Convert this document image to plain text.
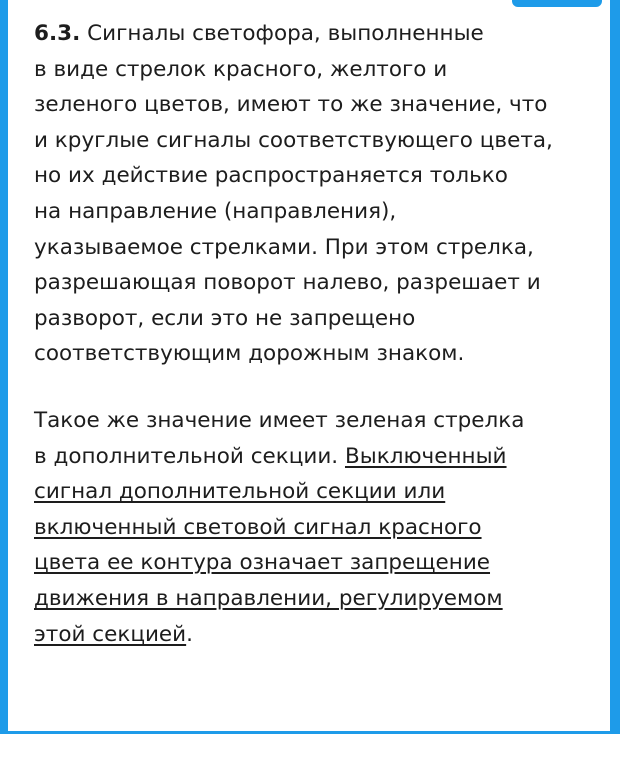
6.3. Сигналы светофора, выполненные
в виде стрелок красного, желтого и
зеленого цветов, имеют то же значение, что
и круглые сигналы соответствующего цвета,
но их действие распространяется только
на направление (направления),
указываемое стрелками. При этом стрелка,
разрешающая поворот налево, разрешает и
разворот, если это не запрещено
соответствующим дорожным знаком.

Такое же значение имеет зеленая стрелка
в дополнительной секции. Выключенный
сигнал дополнительной секции или
включенный световой сигнал красного
цвета ее контура означает запрещение
движения в направлении, регулируемом
этой секцией.
